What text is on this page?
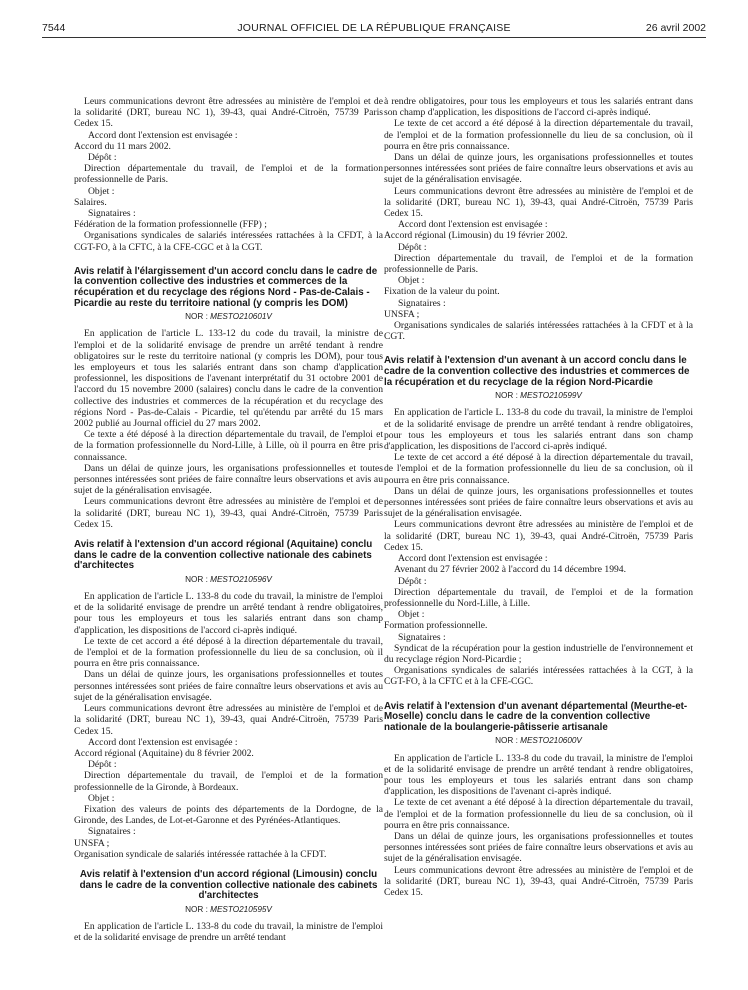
7544	JOURNAL OFFICIEL DE LA RÉPUBLIQUE FRANÇAISE	26 avril 2002

Leurs communications devront être adressées au ministère de l'emploi et de la solidarité (DRT, bureau NC 1), 39-43, quai André-Citroën, 75739 Paris Cedex 15.

Accord dont l'extension est envisagée :

Accord du 11 mars 2002.

Dépôt :

Direction départementale du travail, de l'emploi et de la formation professionnelle de Paris.

Objet :

Salaires.

Signataires :

Fédération de la formation professionnelle (FFP) ;

Organisations syndicales de salariés intéressées rattachées à la CFDT, à la CGT-FO, à la CFTC, à la CFE-CGC et à la CGT.

Avis relatif à l'élargissement d'un accord conclu dans le cadre de la convention collective des industries et commerces de la récupération et du recyclage des régions Nord - Pas-de-Calais - Picardie au reste du territoire national (y compris les DOM)
NOR : MESTO210601V

En application de l'article L. 133-12 du code du travail, la ministre de l'emploi et de la solidarité envisage de prendre un arrêté tendant à rendre obligatoires sur le reste du territoire national (y compris les DOM), pour tous les employeurs et tous les salariés entrant dans son champ d'application professionnel, les dispositions de l'avenant interprétatif du 31 octobre 2001 de l'accord du 15 novembre 2000 (salaires) conclu dans le cadre de la convention collective des industries et commerces de la récupération et du recyclage des régions Nord - Pas-de-Calais - Picardie, tel qu'étendu par arrêté du 15 mars 2002 publié au Journal officiel du 27 mars 2002.

Ce texte a été déposé à la direction départementale du travail, de l'emploi et de la formation professionnelle du Nord-Lille, à Lille, où il pourra en être pris connaissance.

Dans un délai de quinze jours, les organisations professionnelles et toutes personnes intéressées sont priées de faire connaître leurs observations et avis au sujet de la généralisation envisagée.

Leurs communications devront être adressées au ministère de l'emploi et de la solidarité (DRT, bureau NC 1), 39-43, quai André-Citroën, 75739 Paris Cedex 15.

Avis relatif à l'extension d'un accord régional (Aquitaine) conclu dans le cadre de la convention collective nationale des cabinets d'architectes
NOR : MESTO210596V

En application de l'article L. 133-8 du code du travail, la ministre de l'emploi et de la solidarité envisage de prendre un arrêté tendant à rendre obligatoires, pour tous les employeurs et tous les salariés entrant dans son champ d'application, les dispositions de l'accord ci-après indiqué.

Le texte de cet accord a été déposé à la direction départementale du travail, de l'emploi et de la formation professionnelle du lieu de sa conclusion, où il pourra en être pris connaissance.

Dans un délai de quinze jours, les organisations professionnelles et toutes personnes intéressées sont priées de faire connaître leurs observations et avis au sujet de la généralisation envisagée.

Leurs communications devront être adressées au ministère de l'emploi et de la solidarité (DRT, bureau NC 1), 39-43, quai André-Citroën, 75739 Paris Cedex 15.

Accord dont l'extension est envisagée :

Accord régional (Aquitaine) du 8 février 2002.

Dépôt :

Direction départementale du travail, de l'emploi et de la formation professionnelle de la Gironde, à Bordeaux.

Objet :

Fixation des valeurs de points des départements de la Dordogne, de la Gironde, des Landes, de Lot-et-Garonne et des Pyrénées-Atlantiques.

Signataires :

UNSFA ;

Organisation syndicale de salariés intéressée rattachée à la CFDT.

Avis relatif à l'extension d'un accord régional (Limousin) conclu dans le cadre de la convention collective nationale des cabinets d'architectes
NOR : MESTO210595V

En application de l'article L. 133-8 du code du travail, la ministre de l'emploi et de la solidarité envisage de prendre un arrêté tendant

à rendre obligatoires, pour tous les employeurs et tous les salariés entrant dans son champ d'application, les dispositions de l'accord ci-après indiqué.

Le texte de cet accord a été déposé à la direction départementale du travail, de l'emploi et de la formation professionnelle du lieu de sa conclusion, où il pourra en être pris connaissance.

Dans un délai de quinze jours, les organisations professionnelles et toutes personnes intéressées sont priées de faire connaître leurs observations et avis au sujet de la généralisation envisagée.

Leurs communications devront être adressées au ministère de l'emploi et de la solidarité (DRT, bureau NC 1), 39-43, quai André-Citroën, 75739 Paris Cedex 15.

Accord dont l'extension est envisagée :

Accord régional (Limousin) du 19 février 2002.

Dépôt :

Direction départementale du travail, de l'emploi et de la formation professionnelle de Paris.

Objet :

Fixation de la valeur du point.

Signataires :

UNSFA ;

Organisations syndicales de salariés intéressées rattachées à la CFDT et à la CGT.

Avis relatif à l'extension d'un avenant à un accord conclu dans le cadre de la convention collective des industries et commerces de la récupération et du recyclage de la région Nord-Picardie
NOR : MESTO210599V

En application de l'article L. 133-8 du code du travail, la ministre de l'emploi et de la solidarité envisage de prendre un arrêté tendant à rendre obligatoires, pour tous les employeurs et tous les salariés entrant dans son champ d'application, les dispositions de l'accord ci-après indiqué.

Le texte de cet accord a été déposé à la direction départementale du travail, de l'emploi et de la formation professionnelle du lieu de sa conclusion, où il pourra en être pris connaissance.

Dans un délai de quinze jours, les organisations professionnelles et toutes personnes intéressées sont priées de faire connaître leurs observations et avis au sujet de la généralisation envisagée.

Leurs communications devront être adressées au ministère de l'emploi et de la solidarité (DRT, bureau NC 1), 39-43, quai André-Citroën, 75739 Paris Cedex 15.

Accord dont l'extension est envisagée :

Avenant du 27 février 2002 à l'accord du 14 décembre 1994.

Dépôt :

Direction départementale du travail, de l'emploi et de la formation professionnelle du Nord-Lille, à Lille.

Objet :

Formation professionnelle.

Signataires :

Syndicat de la récupération pour la gestion industrielle de l'environnement et du recyclage région Nord-Picardie ;

Organisations syndicales de salariés intéressées rattachées à la CGT, à la CGT-FO, à la CFTC et à la CFE-CGC.

Avis relatif à l'extension d'un avenant départemental (Meurthe-et-Moselle) conclu dans le cadre de la convention collective nationale de la boulangerie-pâtisserie artisanale
NOR : MESTO210600V

En application de l'article L. 133-8 du code du travail, la ministre de l'emploi et de la solidarité envisage de prendre un arrêté tendant à rendre obligatoires, pour tous les employeurs et tous les salariés entrant dans son champ d'application, les dispositions de l'avenant ci-après indiqué.

Le texte de cet avenant a été déposé à la direction départementale du travail, de l'emploi et de la formation professionnelle du lieu de sa conclusion, où il pourra en être pris connaissance.

Dans un délai de quinze jours, les organisations professionnelles et toutes personnes intéressées sont priées de faire connaître leurs observations et avis au sujet de la généralisation envisagée.

Leurs communications devront être adressées au ministère de l'emploi et de la solidarité (DRT, bureau NC 1), 39-43, quai André-Citroën, 75739 Paris Cedex 15.
